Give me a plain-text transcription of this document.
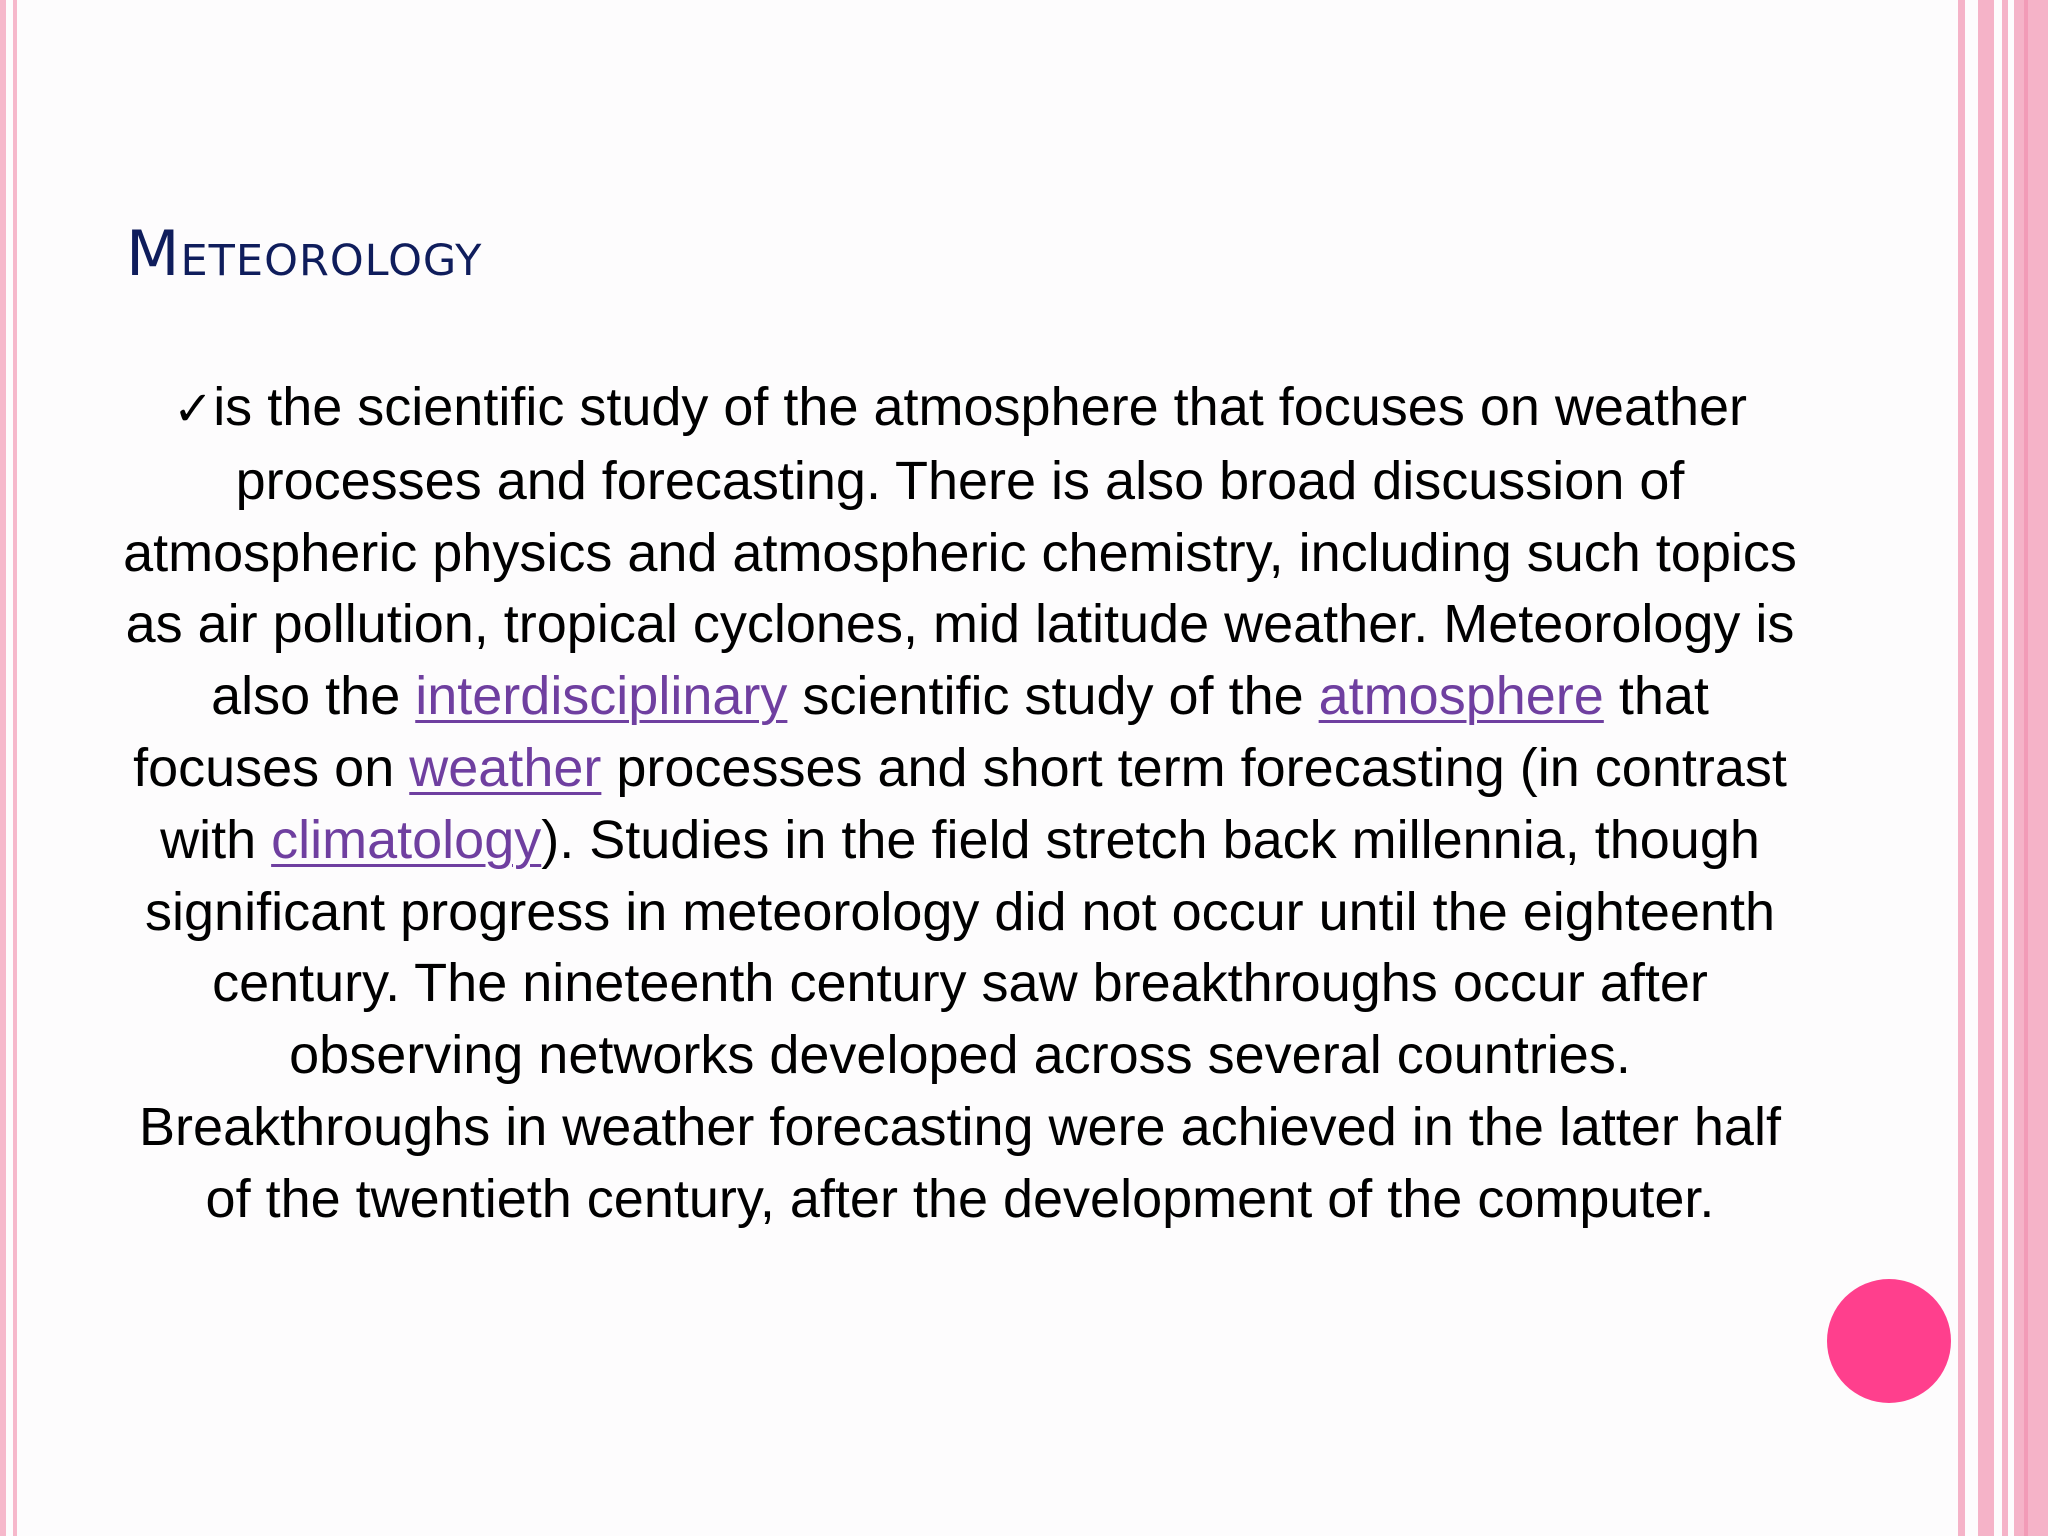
Meteorology

✓is the scientific study of the atmosphere that focuses on weather processes and forecasting. There is also broad discussion of atmospheric physics and atmospheric chemistry, including such topics as air pollution, tropical cyclones, mid latitude weather. Meteorology is also the interdisciplinary scientific study of the atmosphere that focuses on weather processes and short term forecasting (in contrast with climatology). Studies in the field stretch back millennia, though significant progress in meteorology did not occur until the eighteenth century. The nineteenth century saw breakthroughs occur after observing networks developed across several countries. Breakthroughs in weather forecasting were achieved in the latter half of the twentieth century, after the development of the computer.
